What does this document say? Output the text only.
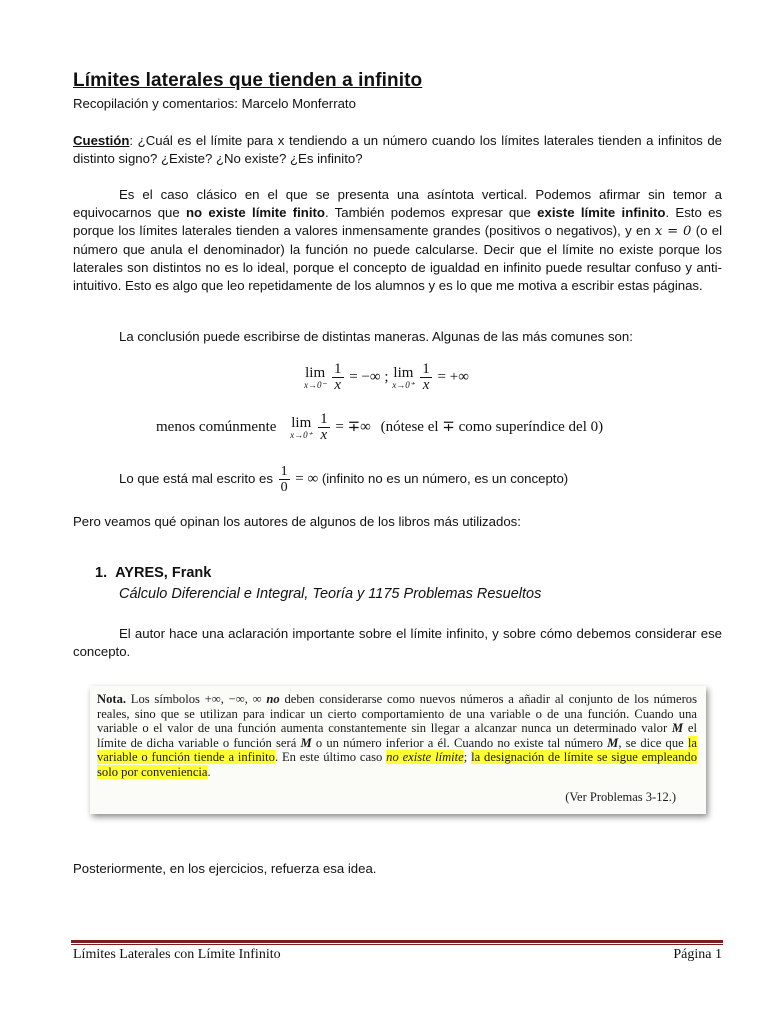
Límites laterales que tienden a infinito
Recopilación y comentarios: Marcelo Monferrato
Cuestión: ¿Cuál es el límite para x tendiendo a un número cuando los límites laterales tienden a infinitos de distinto signo? ¿Existe? ¿No existe? ¿Es infinito?
Es el caso clásico en el que se presenta una asíntota vertical. Podemos afirmar sin temor a equivocarnos que no existe límite finito. También podemos expresar que existe límite infinito. Esto es porque los límites laterales tienden a valores inmensamente grandes (positivos o negativos), y en x = 0 (o el número que anula el denominador) la función no puede calcularse. Decir que el límite no existe porque los laterales son distintos no es lo ideal, porque el concepto de igualdad en infinito puede resultar confuso y anti-intuitivo. Esto es algo que leo repetidamente de los alumnos y es lo que me motiva a escribir estas páginas.
La conclusión puede escribirse de distintas maneras. Algunas de las más comunes son:
lim
x→0⁻
$\frac{1}{x}$ = −∞ ; lim
x→0⁺
$\frac{1}{x}$ = +∞
menos comúnmente lim
x→0⁺
$\frac{1}{x}$ = ∓∞ (nótese el ∓ como superíndice del 0)
Lo que está mal escrito es $\frac{1}{0}$ = ∞ (infinito no es un número, es un concepto)
Pero veamos qué opinan los autores de algunos de los libros más utilizados:
1. AYRES, Frank
Cálculo Diferencial e Integral, Teoría y 1175 Problemas Resueltos
El autor hace una aclaración importante sobre el límite infinito, y sobre cómo debemos considerar ese concepto.
Nota. Los símbolos +∞, −∞, ∞ no deben considerarse como nuevos números a añadir al conjunto de los números reales, sino que se utilizan para indicar un cierto comportamiento de una variable o de una función. Cuando una variable o el valor de una función aumenta constantemente sin llegar a alcanzar nunca un determinado valor M el límite de dicha variable o función será M o un número inferior a él. Cuando no existe tal número M, se dice que la variable o función tiende a infinito. En este último caso no existe límite; la designación de límite se sigue empleando solo por conveniencia.
(Ver Problemas 3-12.)
Posteriormente, en los ejercicios, refuerza esa idea.
Límites Laterales con Límite Infinito	Página 1
